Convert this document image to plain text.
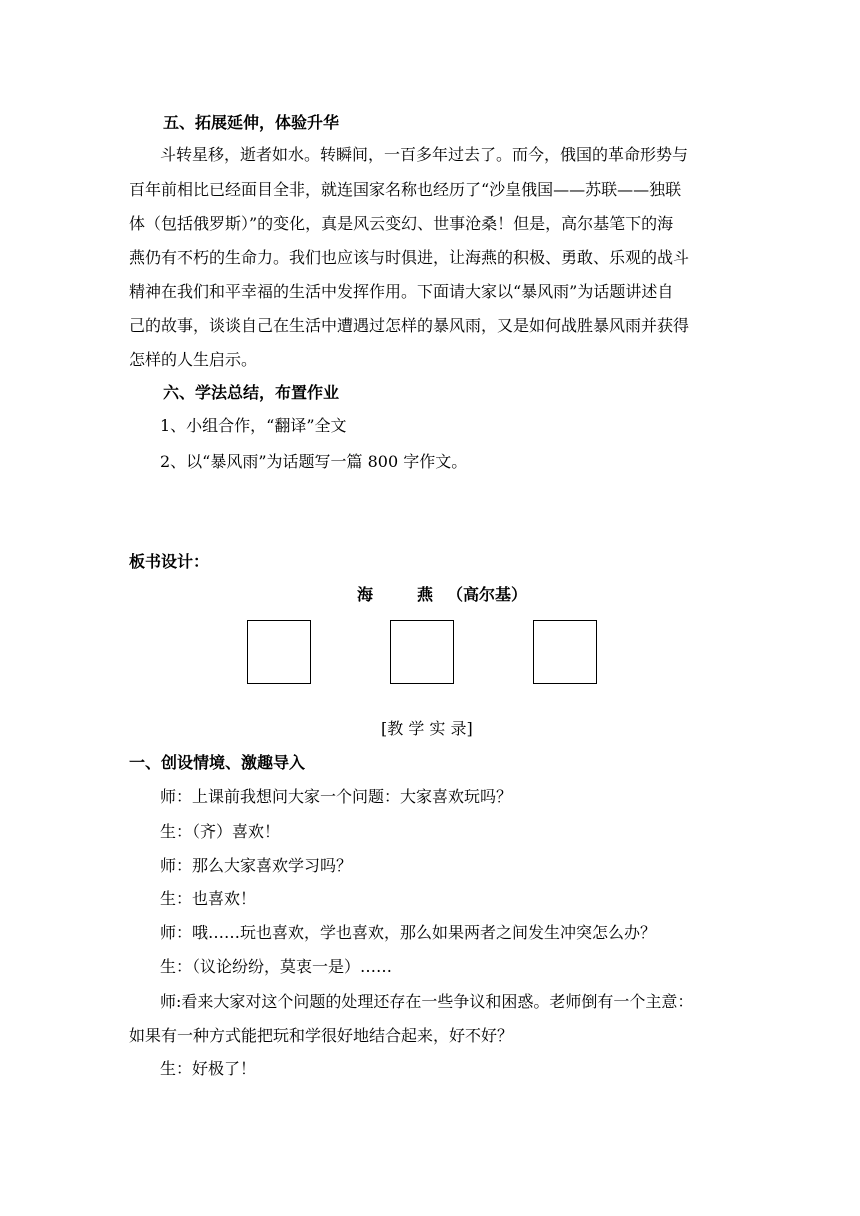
五、拓展延伸，体验升华
斗转星移，逝者如水。转瞬间，一百多年过去了。而今，俄国的革命形势与
百年前相比已经面目全非，就连国家名称也经历了“沙皇俄国——苏联——独联
体（包括俄罗斯）”的变化，真是风云变幻、世事沧桑！但是，高尔基笔下的海
燕仍有不朽的生命力。我们也应该与时俱进，让海燕的积极、勇敢、乐观的战斗
精神在我们和平幸福的生活中发挥作用。下面请大家以“暴风雨”为话题讲述自
己的故事，谈谈自己在生活中遭遇过怎样的暴风雨，又是如何战胜暴风雨并获得
怎样的人生启示。
六、学法总结，布置作业
1、小组合作，“翻译”全文
2、以“暴风雨”为话题写一篇 800 字作文。
板书设计：
海	燕 （高尔基）
[教 学 实 录]
一、创设情境、激趣导入
师：上课前我想问大家一个问题：大家喜欢玩吗？
生：（齐）喜欢！
师：那么大家喜欢学习吗？
生：也喜欢！
师：哦……玩也喜欢，学也喜欢，那么如果两者之间发生冲突怎么办？
生：（议论纷纷，莫衷一是）……
师:看来大家对这个问题的处理还存在一些争议和困惑。老师倒有一个主意：
如果有一种方式能把玩和学很好地结合起来，好不好？
生：好极了！
